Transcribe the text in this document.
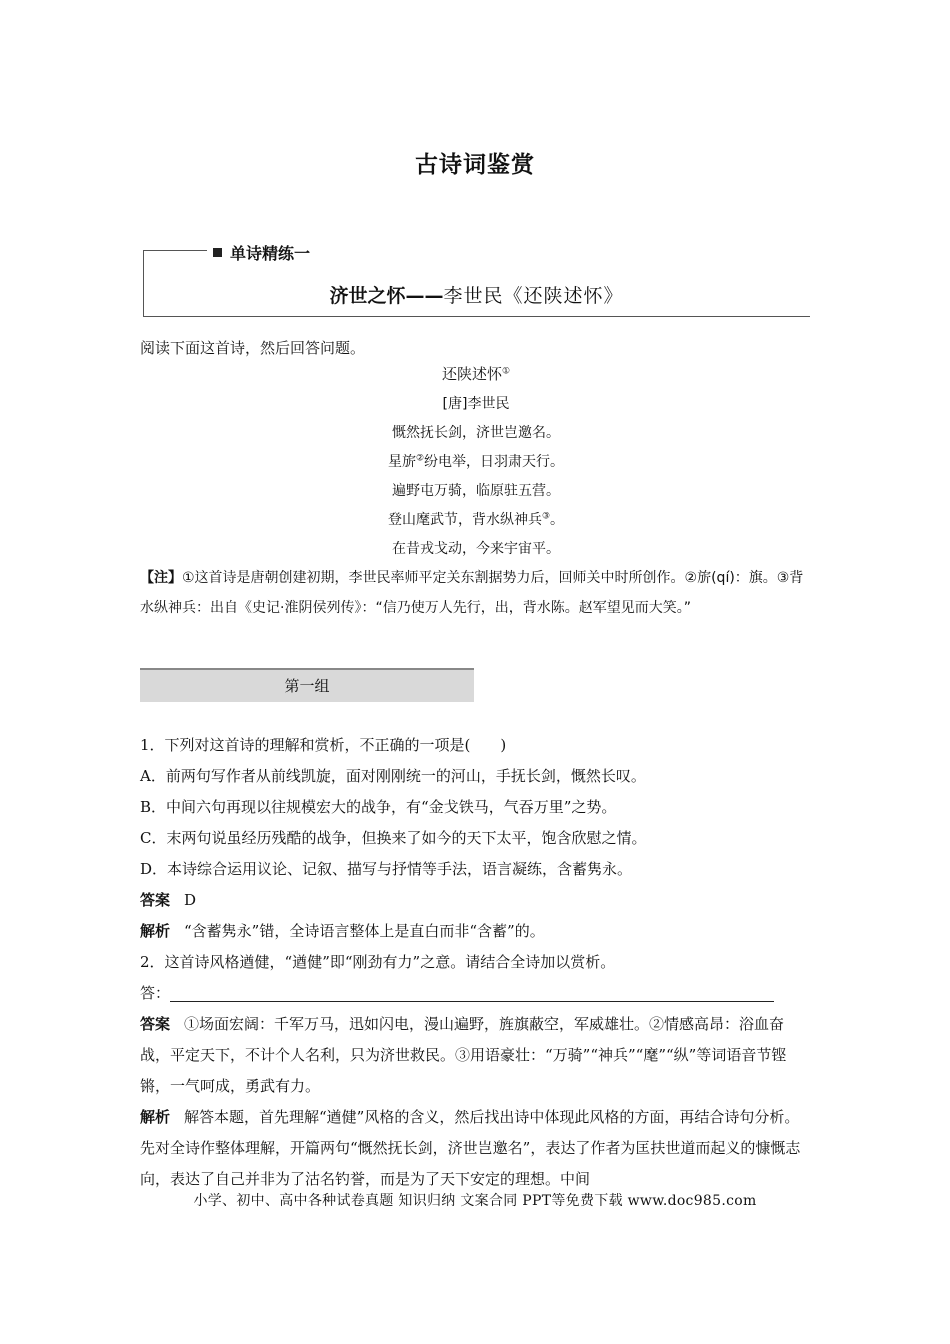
古诗词鉴赏
单诗精练一
济世之怀——李世民《还陕述怀》
阅读下面这首诗，然后回答问题。
还陕述怀①
[唐]李世民
慨然抚长剑，济世岂邀名。
星旂②纷电举，日羽肃天行。
遍野屯万骑，临原驻五营。
登山麾武节，背水纵神兵③。
在昔戎戈动，今来宇宙平。
【注】①这首诗是唐朝创建初期，李世民率师平定关东割据势力后，回师关中时所创作。②旂(qí)：旗。③背水纵神兵：出自《史记·淮阴侯列传》：“信乃使万人先行，出，背水陈。赵军望见而大笑。”
第一组

1．下列对这首诗的理解和赏析，不正确的一项是(　　)

A．前两句写作者从前线凯旋，面对刚刚统一的河山，手抚长剑，慨然长叹。

B．中间六句再现以往规模宏大的战争，有“金戈铁马，气吞万里”之势。

C．末两句说虽经历残酷的战争，但换来了如今的天下太平，饱含欣慰之情。

D．本诗综合运用议论、记叙、描写与抒情等手法，语言凝练，含蓄隽永。

答案 D

解析 “含蓄隽永”错，全诗语言整体上是直白而非“含蓄”的。

2．这首诗风格遒健，“遒健”即“刚劲有力”之意。请结合全诗加以赏析。

答：

答案 ①场面宏阔：千军万马，迅如闪电，漫山遍野，旌旗蔽空，军威雄壮。②情感高昂：浴血奋战，平定天下，不计个人名利，只为济世救民。③用语豪壮：“万骑”“神兵”“麾”“纵”等词语音节铿锵，一气呵成，勇武有力。

解析 解答本题，首先理解“遒健”风格的含义，然后找出诗中体现此风格的方面，再结合诗句分析。先对全诗作整体理解，开篇两句“慨然抚长剑，济世岂邀名”，表达了作者为匡扶世道而起义的慷慨志向，表达了自己并非为了沽名钓誉，而是为了天下安定的理想。中间

小学、初中、高中各种试卷真题 知识归纳 文案合同 PPT等免费下载 www.doc985.com
